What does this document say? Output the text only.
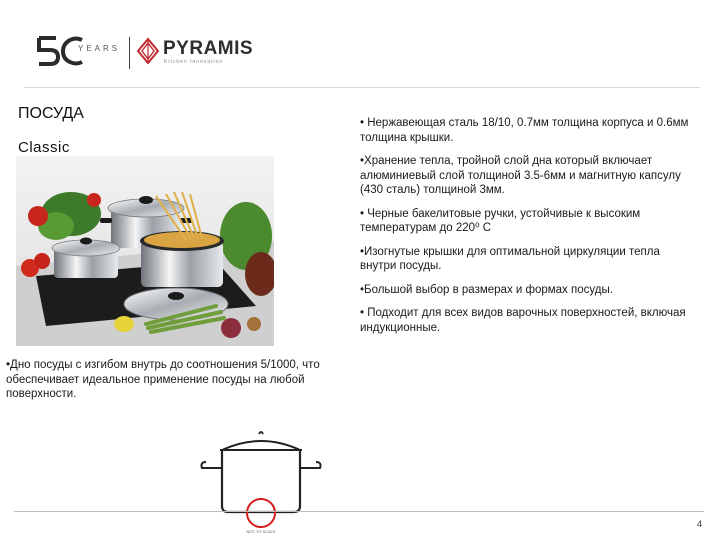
YEARS PYRAMIS
Kitchen Innovation
ПОСУДА
Classic

• Нержавеющая сталь 18/10, 0.7мм толщина корпуса и 0.6мм толщина крышки.

•Хранение тепла, тройной слой дна который включает алюминиевый слой толщиной 3.5-6мм и магнитную капсулу (430 сталь) толщиной 3мм.

• Черные бакелитовые ручки, устойчивые к высоким температурам до 220⁰ C

•Изогнутые крышки для оптимальной циркуляции тепла внутри посуды.

•Большой выбор в размерах и формах посуды.

• Подходит для всех видов варочных поверхностей, включая индукционные.

•Дно посуды с изгибом внутрь до соотношения 5/1000, что обеспечивает идеальное применение посуды на любой поверхности.
NOT TO SCALE
4
